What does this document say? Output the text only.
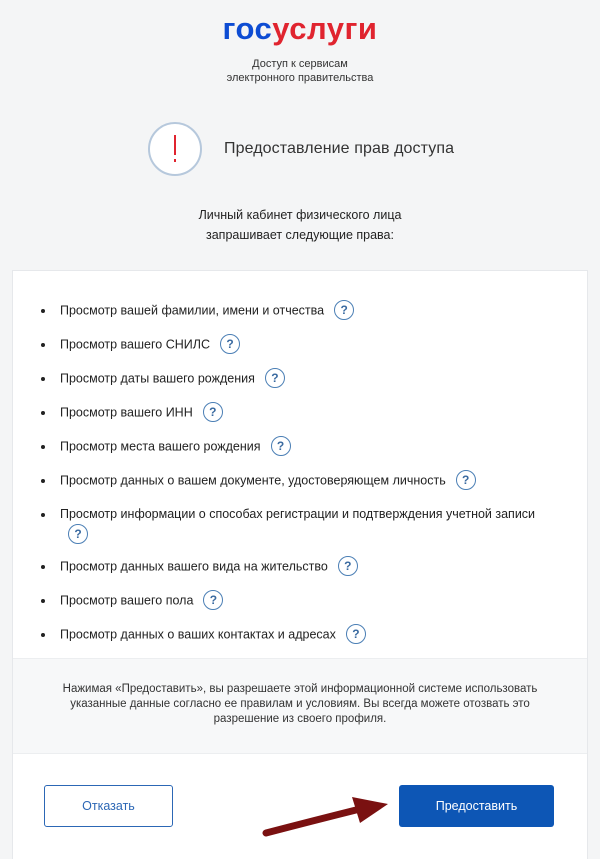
госуслуги
Доступ к сервисам
электронного правительства
Предоставление прав доступа
Личный кабинет физического лица
запрашивает следующие права:
Просмотр вашей фамилии, имени и отчества ?
Просмотр вашего СНИЛС ?
Просмотр даты вашего рождения ?
Просмотр вашего ИНН ?
Просмотр места вашего рождения ?
Просмотр данных о вашем документе, удостоверяющем личность ?
Просмотр информации о способах регистрации и подтверждения учетной записи
?
Просмотр данных вашего вида на жительство ?
Просмотр вашего пола ?
Просмотр данных о ваших контактах и адресах ?
Нажимая «Предоставить», вы разрешаете этой информационной системе использовать
указанные данные согласно ее правилам и условиям. Вы всегда можете отозвать это
разрешение из своего профиля.
Отказать	Предоставить
